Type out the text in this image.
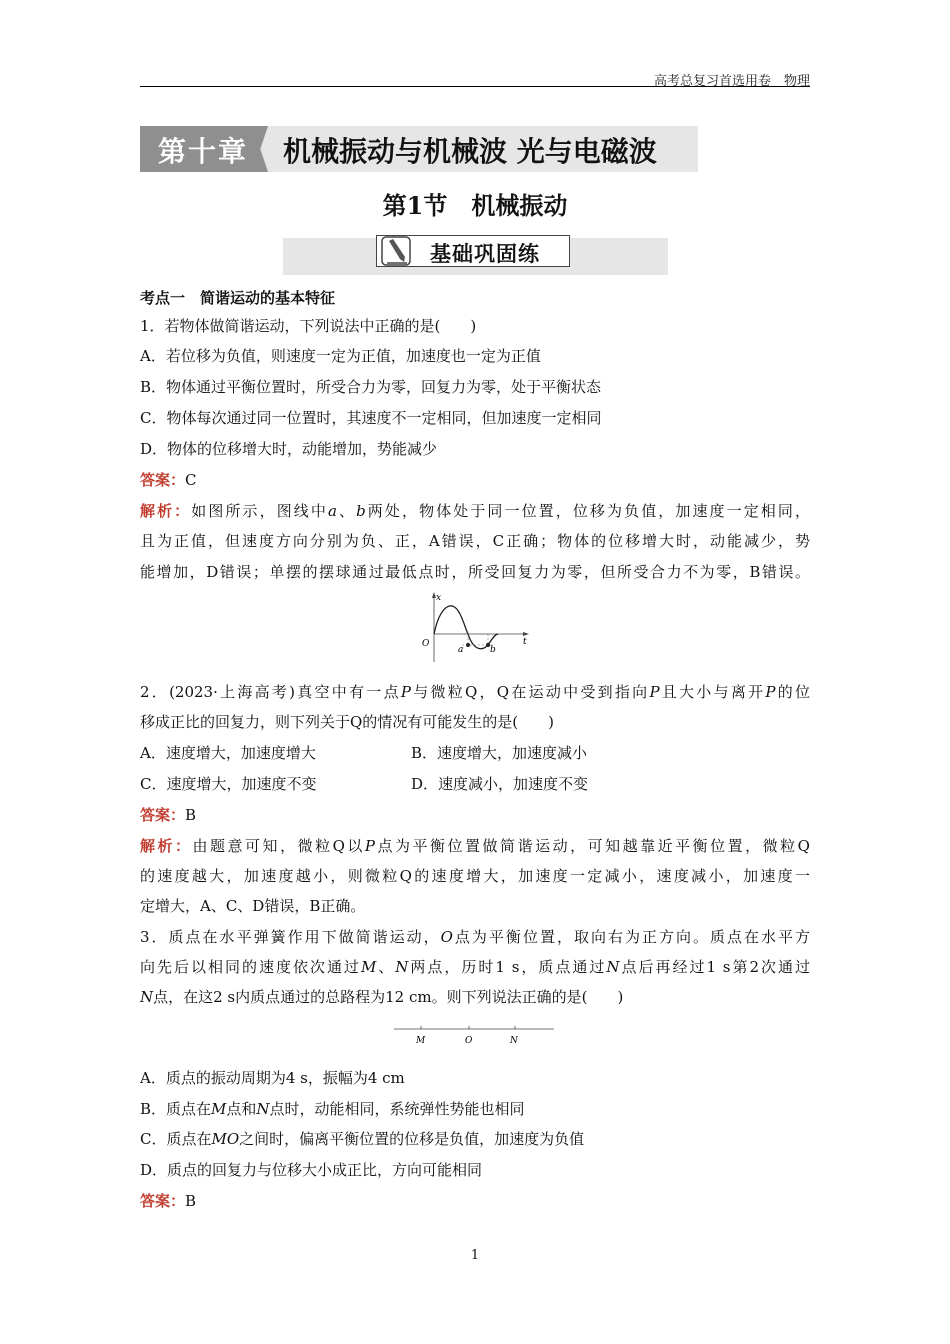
高考总复习首选用卷　物理
第十章 机械振动与机械波 光与电磁波
第1节　机械振动
基础巩固练
考点一　简谐运动的基本特征
1．若物体做简谐运动，下列说法中正确的是(　　)
A．若位移为负值，则速度一定为正值，加速度也一定为正值
B．物体通过平衡位置时，所受合力为零，回复力为零，处于平衡状态
C．物体每次通过同一位置时，其速度不一定相同，但加速度一定相同
D．物体的位移增大时，动能增加，势能减少
答案：C
解析：如图所示，图线中a、b两处，物体处于同一位置，位移为负值，加速度一定相同，
且为正值，但速度方向分别为负、正，A错误，C正确；物体的位移增大时，动能减少，势
能增加，D错误；单摆的摆球通过最低点时，所受回复力为零，但所受合力不为零，B错误。
x
O	t
a	b
2．(2023·上海高考)真空中有一点P与微粒Q，Q在运动中受到指向P且大小与离开P的位
移成正比的回复力，则下列关于Q的情况有可能发生的是(　　)
A．速度增大，加速度增大	B．速度增大，加速度减小
C．速度增大，加速度不变	D．速度减小，加速度不变
答案：B
解析：由题意可知，微粒Q以P点为平衡位置做简谐运动，可知越靠近平衡位置，微粒Q
的速度越大，加速度越小，则微粒Q的速度增大，加速度一定减小，速度减小，加速度一
定增大，A、C、D错误，B正确。
3．质点在水平弹簧作用下做简谐运动，O点为平衡位置，取向右为正方向。质点在水平方
向先后以相同的速度依次通过M、N两点，历时1 s，质点通过N点后再经过1 s第2次通过
N点，在这2 s内质点通过的总路程为12 cm。则下列说法正确的是(　　)
M	O	N
A．质点的振动周期为4 s，振幅为4 cm
B．质点在M点和N点时，动能相同，系统弹性势能也相同
C．质点在MO之间时，偏离平衡位置的位移是负值，加速度为负值
D．质点的回复力与位移大小成正比，方向可能相同
答案：B
1
